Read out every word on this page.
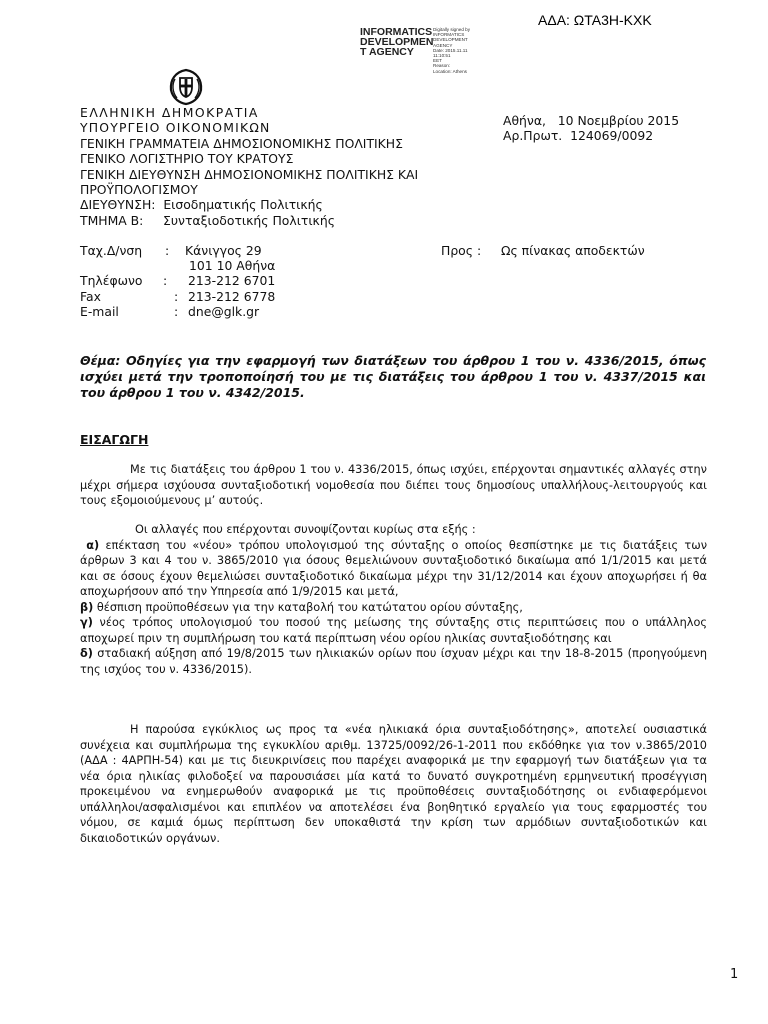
ΑΔΑ: ΩΤΑ3Η-ΚΧΚ
INFORMATICS
DEVELOPMEN
T AGENCY
Digitally signed by
INFORMATICS
DEVELOPMENT AGENCY
Date: 2015.11.11 11:10:51
EET
Reason:
Location: Athens
ΕΛΛΗΝΙΚΗ ΔΗΜΟΚΡΑΤΙΑ
ΥΠΟΥΡΓΕΙΟ ΟΙΚΟΝΟΜΙΚΩΝ
ΓΕΝΙΚΗ ΓΡΑΜΜΑΤΕΙΑ ΔΗΜΟΣΙΟΝΟΜΙΚΗΣ ΠΟΛΙΤΙΚΗΣ
ΓΕΝΙΚΟ ΛΟΓΙΣΤΗΡΙΟ ΤΟΥ ΚΡΑΤΟΥΣ
ΓΕΝΙΚΗ ΔΙΕΥΘΥΝΣΗ ΔΗΜΟΣΙΟΝΟΜΙΚΗΣ ΠΟΛΙΤΙΚΗΣ ΚΑΙ
ΠΡΟΫΠΟΛΟΓΙΣΜΟΥ
ΔΙΕΥΘΥΝΣΗ:  Εισοδηματικής Πολιτικής
ΤΜΗΜΑ Β:     Συνταξιοδοτικής Πολιτικής
Αθήνα,   10 Νοεμβρίου 2015
Αρ.Πρωτ.  124069/0092
Ταχ.Δ/νση : Κάνιγγος 29
101 10 Αθήνα
Τηλέφωνο : 213-212 6701
Fax	: 213-212 6778
E-mail	: dne@glk.gr
Προς : Ως πίνακας αποδεκτών
Θέμα: Οδηγίες για την εφαρμογή των διατάξεων του άρθρου 1 του ν. 4336/2015, όπως ισχύει μετά την τροποποίησή του με τις διατάξεις του άρθρου 1 του ν. 4337/2015 και του άρθρου 1 του ν. 4342/2015.
ΕΙΣΑΓΩΓΗ

Με τις διατάξεις του άρθρου 1 του ν. 4336/2015, όπως ισχύει, επέρχονται σημαντικές αλλαγές στην μέχρι σήμερα ισχύουσα συνταξιοδοτική νομοθεσία που διέπει τους δημοσίους υπαλλήλους-λειτουργούς και τους εξομοιούμενους μ’ αυτούς.

Οι αλλαγές που επέρχονται συνοψίζονται κυρίως στα εξής :

α) επέκταση του «νέου» τρόπου υπολογισμού της σύνταξης ο οποίος θεσπίστηκε με τις διατάξεις των άρθρων 3 και 4 του ν. 3865/2010 για όσους θεμελιώνουν συνταξιοδοτικό δικαίωμα από 1/1/2015 και μετά και σε όσους έχουν θεμελιώσει συνταξιοδοτικό δικαίωμα μέχρι την 31/12/2014 και έχουν αποχωρήσει ή θα αποχωρήσουν από την Υπηρεσία από 1/9/2015 και μετά,

β) θέσπιση προϋποθέσεων για την καταβολή του κατώτατου ορίου σύνταξης,

γ) νέος τρόπος υπολογισμού του ποσού της μείωσης της σύνταξης στις περιπτώσεις που ο υπάλληλος αποχωρεί πριν τη συμπλήρωση του κατά περίπτωση νέου ορίου ηλικίας συνταξιοδότησης και

δ) σταδιακή αύξηση από 19/8/2015 των ηλικιακών ορίων που ίσχυαν μέχρι και την 18-8-2015 (προηγούμενη της ισχύος του ν. 4336/2015).

Η παρούσα εγκύκλιος ως προς τα «νέα ηλικιακά όρια συνταξιοδότησης», αποτελεί ουσιαστικά συνέχεια και συμπλήρωμα της εγκυκλίου αριθμ. 13725/0092/26-1-2011 που εκδόθηκε για τον ν.3865/2010 (ΑΔΑ : 4ΑΡΠΗ-54) και με τις διευκρινίσεις που παρέχει αναφορικά με την εφαρμογή των διατάξεων για τα νέα όρια ηλικίας φιλοδοξεί να παρουσιάσει μία κατά το δυνατό συγκροτημένη ερμηνευτική προσέγγιση προκειμένου να ενημερωθούν αναφορικά με τις προϋποθέσεις συνταξιοδότησης οι ενδιαφερόμενοι υπάλληλοι/ασφαλισμένοι και επιπλέον να αποτελέσει ένα βοηθητικό εργαλείο για τους εφαρμοστές του νόμου, σε καμιά όμως περίπτωση δεν υποκαθιστά την κρίση των αρμόδιων συνταξιοδοτικών και δικαιοδοτικών οργάνων.

1
